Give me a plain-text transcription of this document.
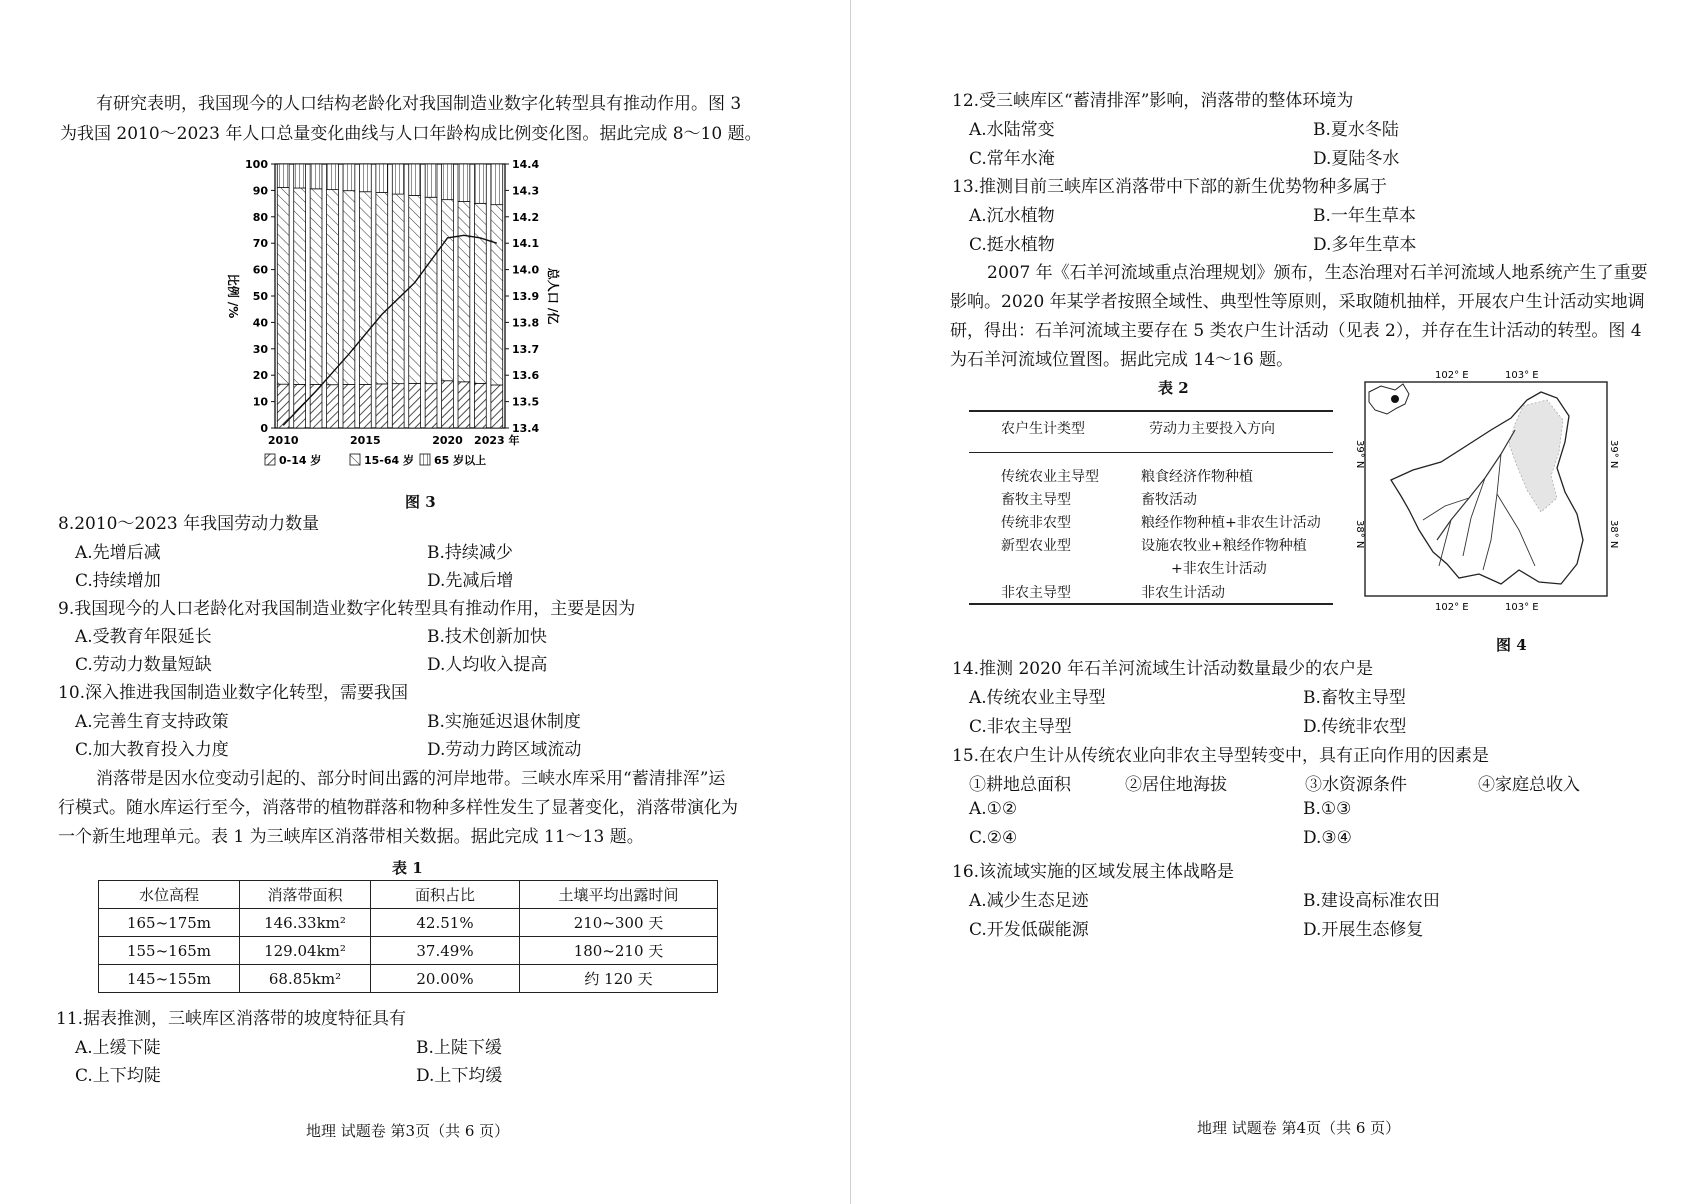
有研究表明，我国现今的人口结构老龄化对我国制造业数字化转型具有推动作用。图 3
为我国 2010～2023 年人口总量变化曲线与人口年龄构成比例变化图。据此完成 8～10 题。
0
10
20
30
40
50
60
70
80
90
100
13.4
13.5
13.6
13.7
13.8
13.9
14.0
14.1
14.2
14.3
14.4
2010	2015	2020 2023 年
比例 /%	总人口 /亿
0-14 岁	15-64 岁 65 岁以上
图 3
8.2010～2023 年我国劳动力数量
A.先增后减	B.持续减少
C.持续增加	D.先减后增
9.我国现今的人口老龄化对我国制造业数字化转型具有推动作用，主要是因为
A.受教育年限延长	B.技术创新加快
C.劳动力数量短缺	D.人均收入提高
10.深入推进我国制造业数字化转型，需要我国
A.完善生育支持政策	B.实施延迟退休制度
C.加大教育投入力度	D.劳动力跨区域流动
消落带是因水位变动引起的、部分时间出露的河岸地带。三峡水库采用“蓄清排浑”运
行模式。随水库运行至今，消落带的植物群落和物种多样性发生了显著变化，消落带演化为
一个新生地理单元。表 1 为三峡库区消落带相关数据。据此完成 11～13 题。
表 1
水位高程	消落带面积	面积占比	土壤平均出露时间
165~175m	146.33km²	42.51%	210~300 天
155~165m	129.04km²	37.49%	180~210 天
145~155m	68.85km²	20.00%	约 120 天
11.据表推测，三峡库区消落带的坡度特征具有
A.上缓下陡	B.上陡下缓
C.上下均陡	D.上下均缓
地理 试题卷 第3页（共 6 页）
12.受三峡库区“蓄清排浑”影响，消落带的整体环境为
A.水陆常变	B.夏水冬陆
C.常年水淹	D.夏陆冬水
13.推测目前三峡库区消落带中下部的新生优势物种多属于
A.沉水植物	B.一年生草本
C.挺水植物	D.多年生草本
2007 年《石羊河流域重点治理规划》颁布，生态治理对石羊河流域人地系统产生了重要
影响。2020 年某学者按照全域性、典型性等原则，采取随机抽样，开展农户生计活动实地调
研，得出：石羊河流域主要存在 5 类农户生计活动（见表 2），并存在生计活动的转型。图 4
为石羊河流域位置图。据此完成 14～16 题。
表 2
农户生计类型	劳动力主要投入方向
传统农业主导型	粮食经济作物种植
畜牧主导型	畜牧活动
传统非农型	粮经作物种植+非农生计活动
新型农业型	设施农牧业+粮经作物种植
+非农生计活动
非农主导型	非农生计活动
102° E	103° E
102° E	103° E
39° N
38° N
39° N
38° N
图 4
14.推测 2020 年石羊河流域生计活动数量最少的农户是
A.传统农业主导型	B.畜牧主导型
C.非农主导型	D.传统非农型
15.在农户生计从传统农业向非农主导型转变中，具有正向作用的因素是
①耕地总面积	②居住地海拔	③水资源条件	④家庭总收入
A.①②	B.①③
C.②④	D.③④
16.该流域实施的区域发展主体战略是
A.减少生态足迹	B.建设高标准农田
C.开发低碳能源	D.开展生态修复
地理 试题卷 第4页（共 6 页）
